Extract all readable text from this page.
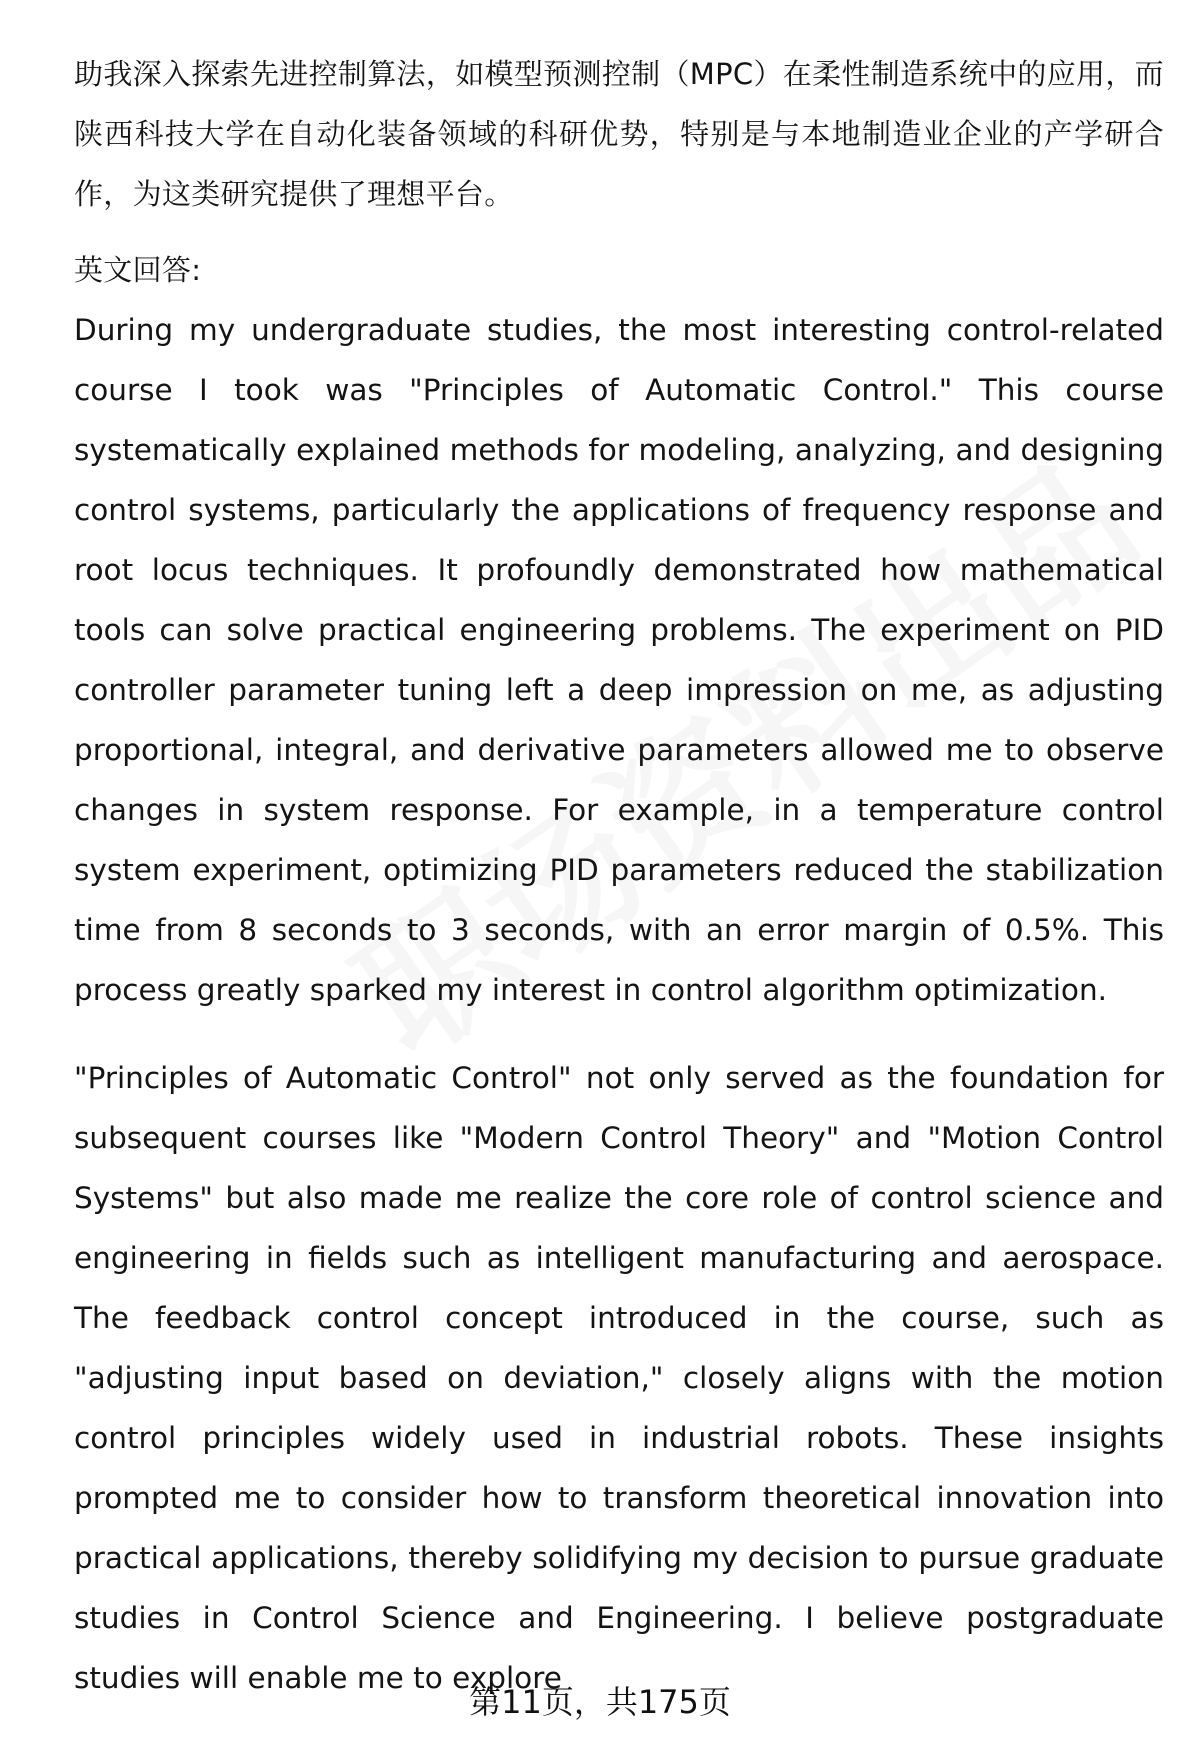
助我深入探索先进控制算法，如模型预测控制（MPC）在柔性制造系统中的应用，而陕西科技大学在自动化装备领域的科研优势，特别是与本地制造业企业的产学研合作，为这类研究提供了理想平台。

英文回答:

During my undergraduate studies, the most interesting control-related course I took was "Principles of Automatic Control." This course systematically explained methods for modeling, analyzing, and designing control systems, particularly the applications of frequency response and root locus techniques. It profoundly demonstrated how mathematical tools can solve practical engineering problems. The experiment on PID controller parameter tuning left a deep impression on me, as adjusting proportional, integral, and derivative parameters allowed me to observe changes in system response. For example, in a temperature control system experiment, optimizing PID parameters reduced the stabilization time from 8 seconds to 3 seconds, with an error margin of 0.5%. This process greatly sparked my interest in control algorithm optimization.

"Principles of Automatic Control" not only served as the foundation for subsequent courses like "Modern Control Theory" and "Motion Control Systems" but also made me realize the core role of control science and engineering in fields such as intelligent manufacturing and aerospace. The feedback control concept introduced in the course, such as "adjusting input based on deviation," closely aligns with the motion control principles widely used in industrial robots. These insights prompted me to consider how to transform theoretical innovation into practical applications, thereby solidifying my decision to pursue graduate studies in Control Science and Engineering. I believe postgraduate studies will enable me to explore

第11页，共175页
